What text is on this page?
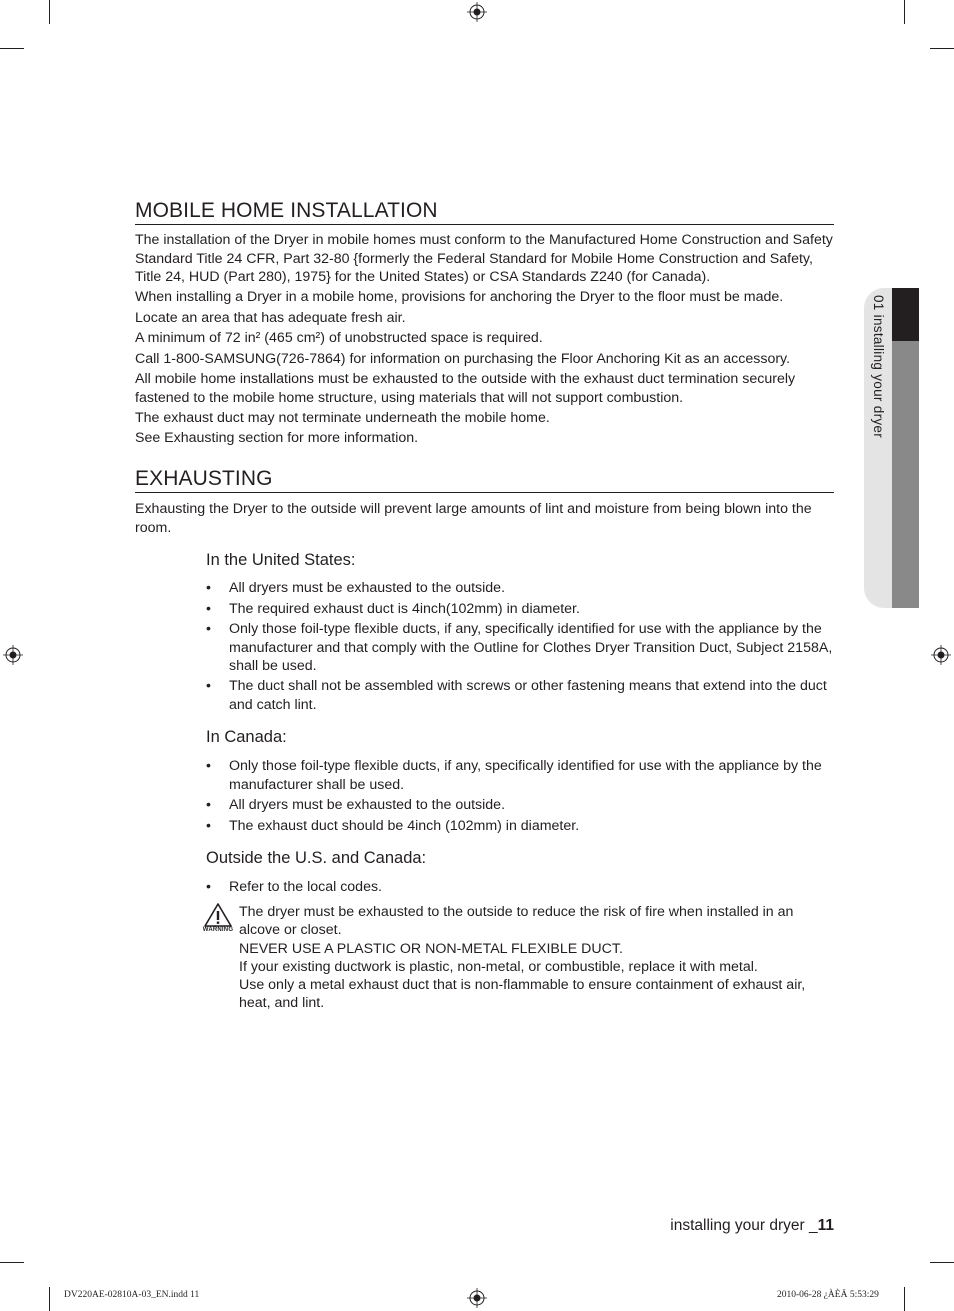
MOBILE HOME INSTALLATION
The installation of the Dryer in mobile homes must conform to the Manufactured Home Construction and Safety Standard Title 24 CFR, Part 32-80 {formerly the Federal Standard for Mobile Home Construction and Safety, Title 24, HUD (Part 280), 1975} for the United States) or CSA Standards Z240 (for Canada).
When installing a Dryer in a mobile home, provisions for anchoring the Dryer to the floor must be made.
Locate an area that has adequate fresh air.
A minimum of 72 in² (465 cm²) of unobstructed space is required.
Call 1-800-SAMSUNG(726-7864) for information on purchasing the Floor Anchoring Kit as an accessory.
All mobile home installations must be exhausted to the outside with the exhaust duct termination securely fastened to the mobile home structure, using materials that will not support combustion.
The exhaust duct may not terminate underneath the mobile home.
See Exhausting section for more information.
EXHAUSTING
Exhausting the Dryer to the outside will prevent large amounts of lint and moisture from being blown into the room.
In the United States:
• All dryers must be exhausted to the outside.
• The required exhaust duct is 4inch(102mm) in diameter.
• Only those foil-type flexible ducts, if any, specifically identified for use with the appliance by the manufacturer and that comply with the Outline for Clothes Dryer Transition Duct, Subject 2158A, shall be used.
• The duct shall not be assembled with screws or other fastening means that extend into the duct and catch lint.
In Canada:
• Only those foil-type flexible ducts, if any, specifically identified for use with the appliance by the manufacturer shall be used.
• All dryers must be exhausted to the outside.
• The exhaust duct should be 4inch (102mm) in diameter.
Outside the U.S. and Canada:
• Refer to the local codes.
WARNING
The dryer must be exhausted to the outside to reduce the risk of fire when installed in an alcove or closet.
NEVER USE A PLASTIC OR NON-METAL FLEXIBLE DUCT.
If your existing ductwork is plastic, non-metal, or combustible, replace it with metal.
Use only a metal exhaust duct that is non-flammable to ensure containment of exhaust air, heat, and lint.
01 installing your dryer
installing your dryer _11
DV220AE-02810A-03_EN.indd 11	2010-06-28 ¿ÀÈÄ 5:53:29
